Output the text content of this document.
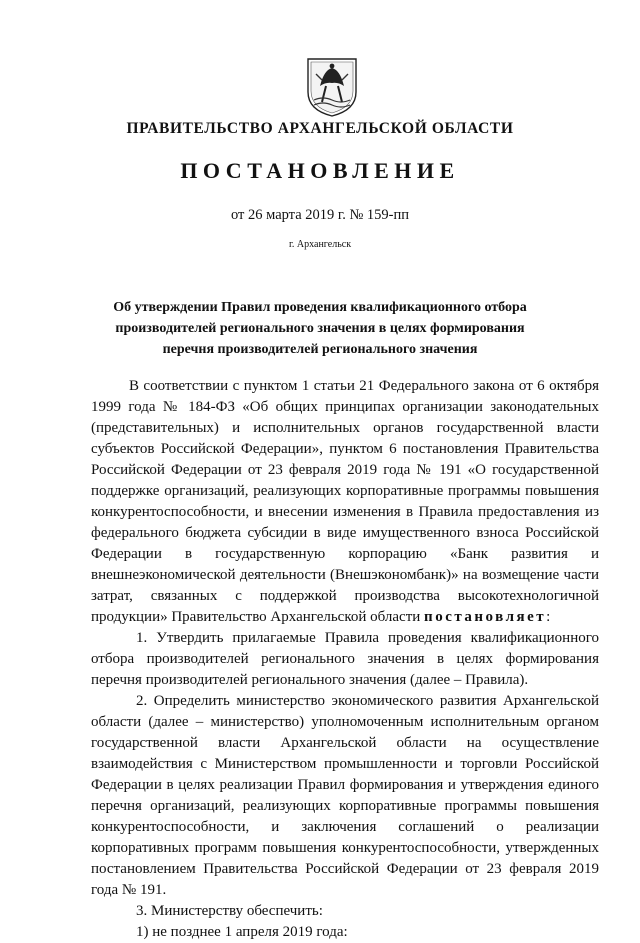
ПРАВИТЕЛЬСТВО АРХАНГЕЛЬСКОЙ ОБЛАСТИ
ПОСТАНОВЛЕНИЕ
от 26 марта 2019 г. № 159-пп
г. Архангельск
Об утверждении Правил проведения квалификационного отбора
производителей регионального значения в целях формирования
перечня производителей регионального значения

В соответствии с пунктом 1 статьи 21 Федерального закона от 6 октября 1999 года № 184-ФЗ «Об общих принципах организации законодательных (представительных) и исполнительных органов государственной власти субъектов Российской Федерации», пунктом 6 постановления Правительства Российской Федерации от 23 февраля 2019 года № 191 «О государственной поддержке организаций, реализующих корпоративные программы повышения конкурентоспособности, и внесении изменения в Правила предоставления из федерального бюджета субсидии в виде имущественного взноса Российской Федерации в государственную корпорацию «Банк развития и внешнеэкономической деятельности (Внешэкономбанк)» на возмещение части затрат, связанных с поддержкой производства высокотехнологичной продукции» Правительство Архангельской области постановляет:

1. Утвердить прилагаемые Правила проведения квалификационного отбора производителей регионального значения в целях формирования перечня производителей регионального значения (далее – Правила).

2. Определить министерство экономического развития Архангельской области (далее – министерство) уполномоченным исполнительным органом государственной власти Архангельской области на осуществление взаимодействия с Министерством промышленности и торговли Российской Федерации в целях реализации Правил формирования и утверждения единого перечня организаций, реализующих корпоративные программы повышения конкурентоспособности, и заключения соглашений о реализации корпоративных программ повышения конкурентоспособности, утвержденных постановлением Правительства Российской Федерации от 23 февраля 2019 года № 191.

3. Министерству обеспечить:

1) не позднее 1 апреля 2019 года:
